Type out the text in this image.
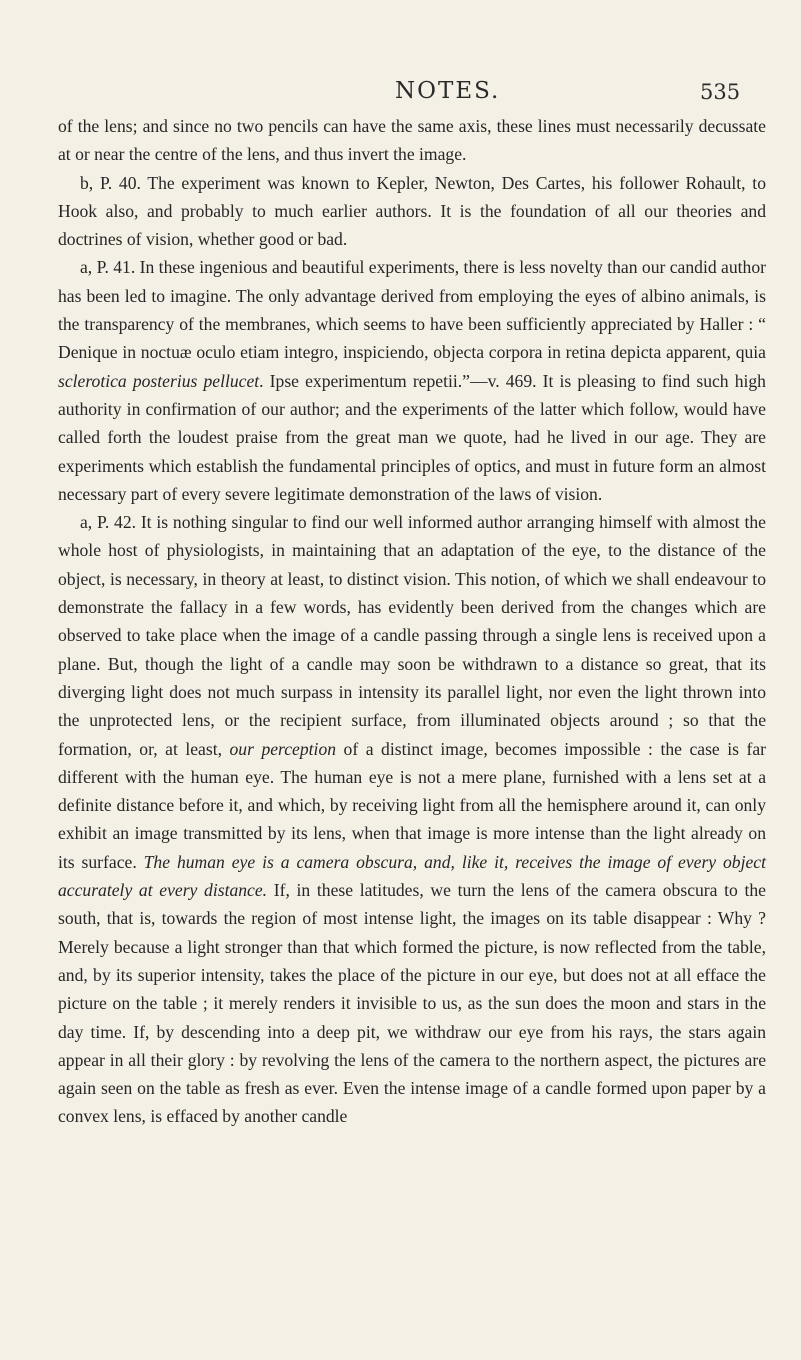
NOTES.	535

of the lens; and since no two pencils can have the same axis, these lines must necessarily decussate at or near the centre of the lens, and thus invert the image.

b, P. 40. The experiment was known to Kepler, Newton, Des Cartes, his follower Rohault, to Hook also, and probably to much earlier authors. It is the foundation of all our theories and doctrines of vision, whether good or bad.

a, P. 41. In these ingenious and beautiful experiments, there is less novelty than our candid author has been led to imagine. The only advantage derived from employing the eyes of albino animals, is the transparency of the membranes, which seems to have been sufficiently appreciated by Haller : “ Denique in noctuæ oculo etiam integro, inspiciendo, objecta corpora in retina depicta apparent, quia sclerotica posterius pellucet. Ipse experimentum repetii.”—v. 469. It is pleasing to find such high authority in confirmation of our author; and the experiments of the latter which follow, would have called forth the loudest praise from the great man we quote, had he lived in our age. They are experiments which establish the fundamental principles of optics, and must in future form an almost necessary part of every severe legitimate demonstration of the laws of vision.

a, P. 42. It is nothing singular to find our well informed author arranging himself with almost the whole host of physiologists, in maintaining that an adaptation of the eye, to the distance of the object, is necessary, in theory at least, to distinct vision. This notion, of which we shall endeavour to demonstrate the fallacy in a few words, has evidently been derived from the changes which are observed to take place when the image of a candle passing through a single lens is received upon a plane. But, though the light of a candle may soon be withdrawn to a distance so great, that its diverging light does not much surpass in intensity its parallel light, nor even the light thrown into the unprotected lens, or the recipient surface, from illuminated objects around ; so that the formation, or, at least, our perception of a distinct image, becomes impossible : the case is far different with the human eye. The human eye is not a mere plane, furnished with a lens set at a definite distance before it, and which, by receiving light from all the hemisphere around it, can only exhibit an image transmitted by its lens, when that image is more intense than the light already on its surface. The human eye is a camera obscura, and, like it, receives the image of every object accurately at every distance. If, in these latitudes, we turn the lens of the camera obscura to the south, that is, towards the region of most intense light, the images on its table disappear : Why ? Merely because a light stronger than that which formed the picture, is now reflected from the table, and, by its superior intensity, takes the place of the picture in our eye, but does not at all efface the picture on the table ; it merely renders it invisible to us, as the sun does the moon and stars in the day time. If, by descending into a deep pit, we withdraw our eye from his rays, the stars again appear in all their glory : by revolving the lens of the camera to the northern aspect, the pictures are again seen on the table as fresh as ever. Even the intense image of a candle formed upon paper by a convex lens, is effaced by another candle
